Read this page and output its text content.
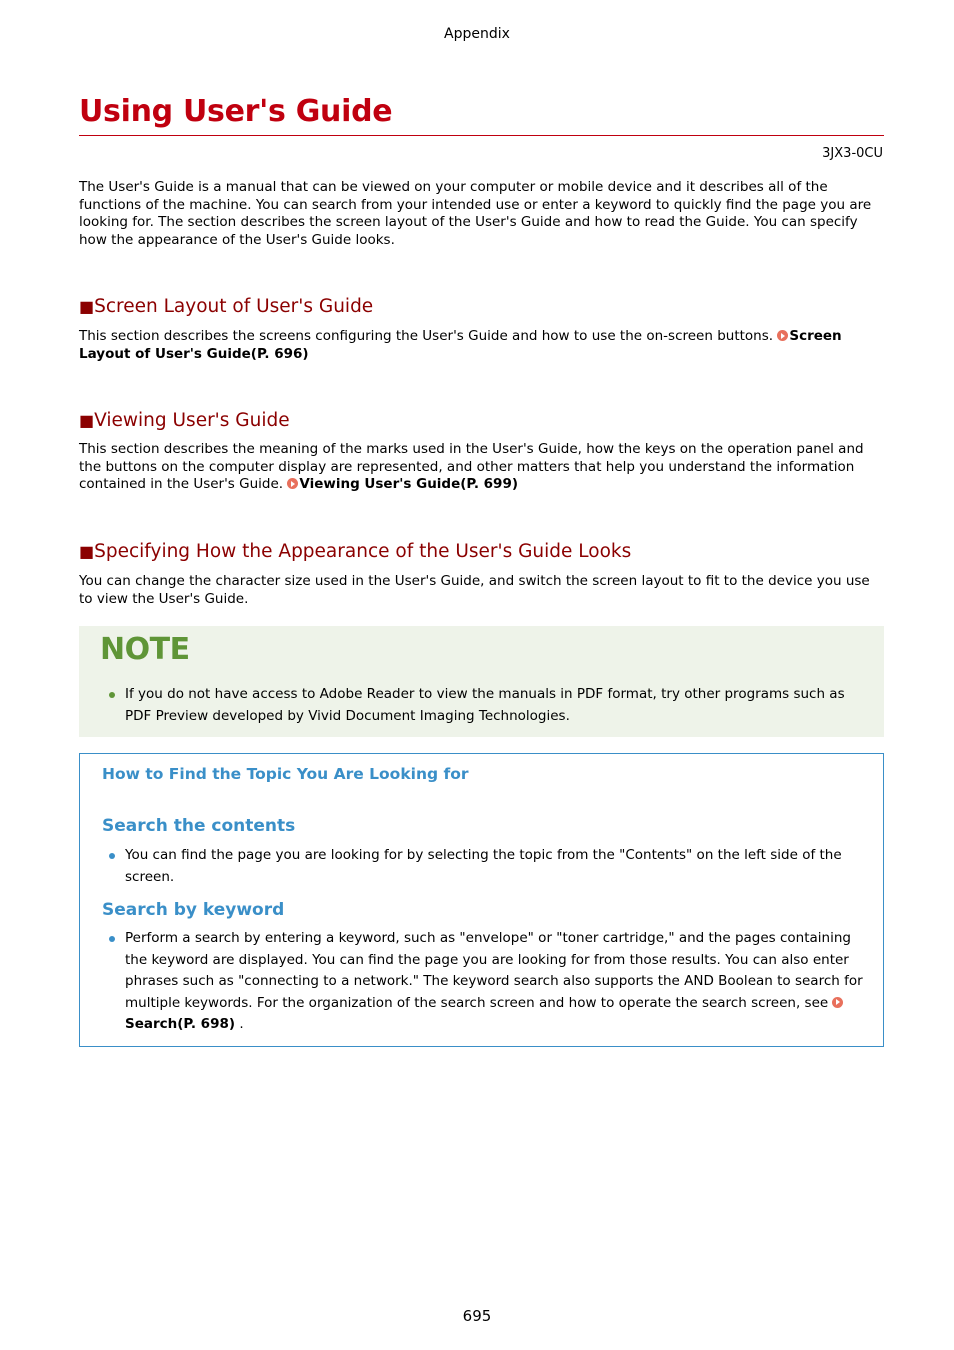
Appendix
Using User's Guide
3JX3-0CU

The User's Guide is a manual that can be viewed on your computer or mobile device and it describes all of the functions of the machine. You can search from your intended use or enter a keyword to quickly find the page you are looking for. The section describes the screen layout of the User's Guide and how to read the Guide. You can specify how the appearance of the User's Guide looks.

■Screen Layout of User's Guide

This section describes the screens configuring the User's Guide and how to use the on-screen buttons. Screen Layout of User's Guide(P. 696)

■Viewing User's Guide

This section describes the meaning of the marks used in the User's Guide, how the keys on the operation panel and the buttons on the computer display are represented, and other matters that help you understand the information contained in the User's Guide. Viewing User's Guide(P. 699)

■Specifying How the Appearance of the User's Guide Looks

You can change the character size used in the User's Guide, and switch the screen layout to fit to the device you use to view the User's Guide.

NOTE
If you do not have access to Adobe Reader to view the manuals in PDF format, try other programs such as PDF Preview developed by Vivid Document Imaging Technologies.
How to Find the Topic You Are Looking for
Search the contents
You can find the page you are looking for by selecting the topic from the "Contents" on the left side of the screen.
Search by keyword
Perform a search by entering a keyword, such as "envelope" or "toner cartridge," and the pages containing the keyword are displayed. You can find the page you are looking for from those results. You can also enter phrases such as "connecting to a network." The keyword search also supports the AND Boolean to search for multiple keywords. For the organization of the search screen and how to operate the search screen, see
Search(P. 698) .
695
